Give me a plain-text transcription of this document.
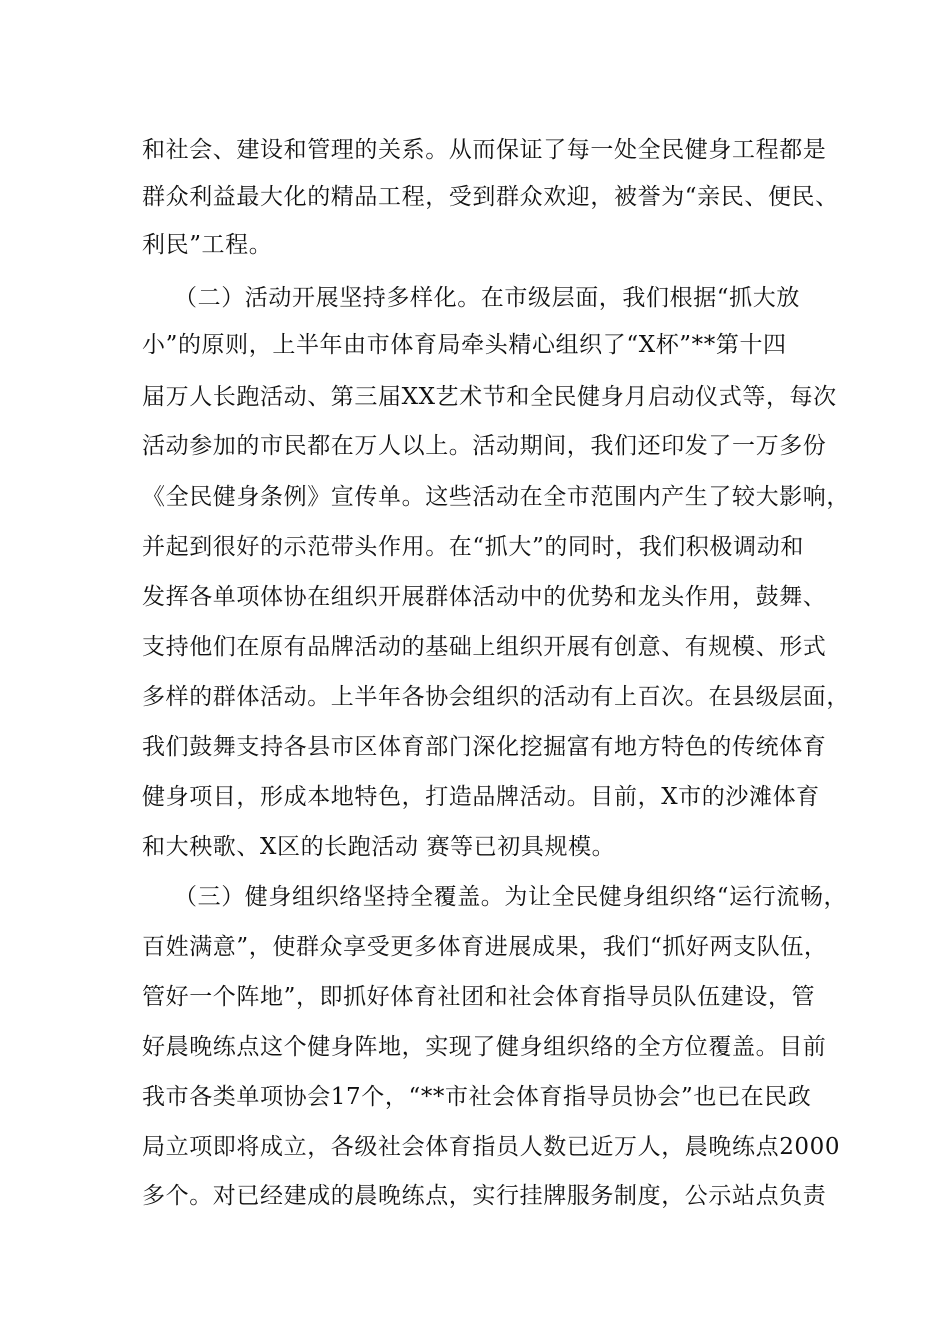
和社会、建设和管理的关系。从而保证了每一处全民健身工程都是
群众利益最大化的精品工程，受到群众欢迎，被誉为“亲民、便民、
利民”工程。
（二）活动开展坚持多样化。在市级层面，我们根据“抓大放
小”的原则，上半年由市体育局牵头精心组织了“X杯”**第十四
届万人长跑活动、第三届XX艺术节和全民健身月启动仪式等，每次
活动参加的市民都在万人以上。活动期间，我们还印发了一万多份
《全民健身条例》宣传单。这些活动在全市范围内产生了较大影响，
并起到很好的示范带头作用。在“抓大”的同时，我们积极调动和
发挥各单项体协在组织开展群体活动中的优势和龙头作用，鼓舞、
支持他们在原有品牌活动的基础上组织开展有创意、有规模、形式
多样的群体活动。上半年各协会组织的活动有上百次。在县级层面，
我们鼓舞支持各县市区体育部门深化挖掘富有地方特色的传统体育
健身项目，形成本地特色，打造品牌活动。目前，X市的沙滩体育
和大秧歌、X区的长跑活动 赛等已初具规模。
（三）健身组织络坚持全覆盖。为让全民健身组织络“运行流畅，
百姓满意”，使群众享受更多体育进展成果，我们“抓好两支队伍，
管好一个阵地”，即抓好体育社团和社会体育指导员队伍建设，管
好晨晚练点这个健身阵地，实现了健身组织络的全方位覆盖。目前
我市各类单项协会17个，“**市社会体育指导员协会”也已在民政
局立项即将成立，各级社会体育指员人数已近万人，晨晚练点2000
多个。对已经建成的晨晚练点，实行挂牌服务制度，公示站点负责
